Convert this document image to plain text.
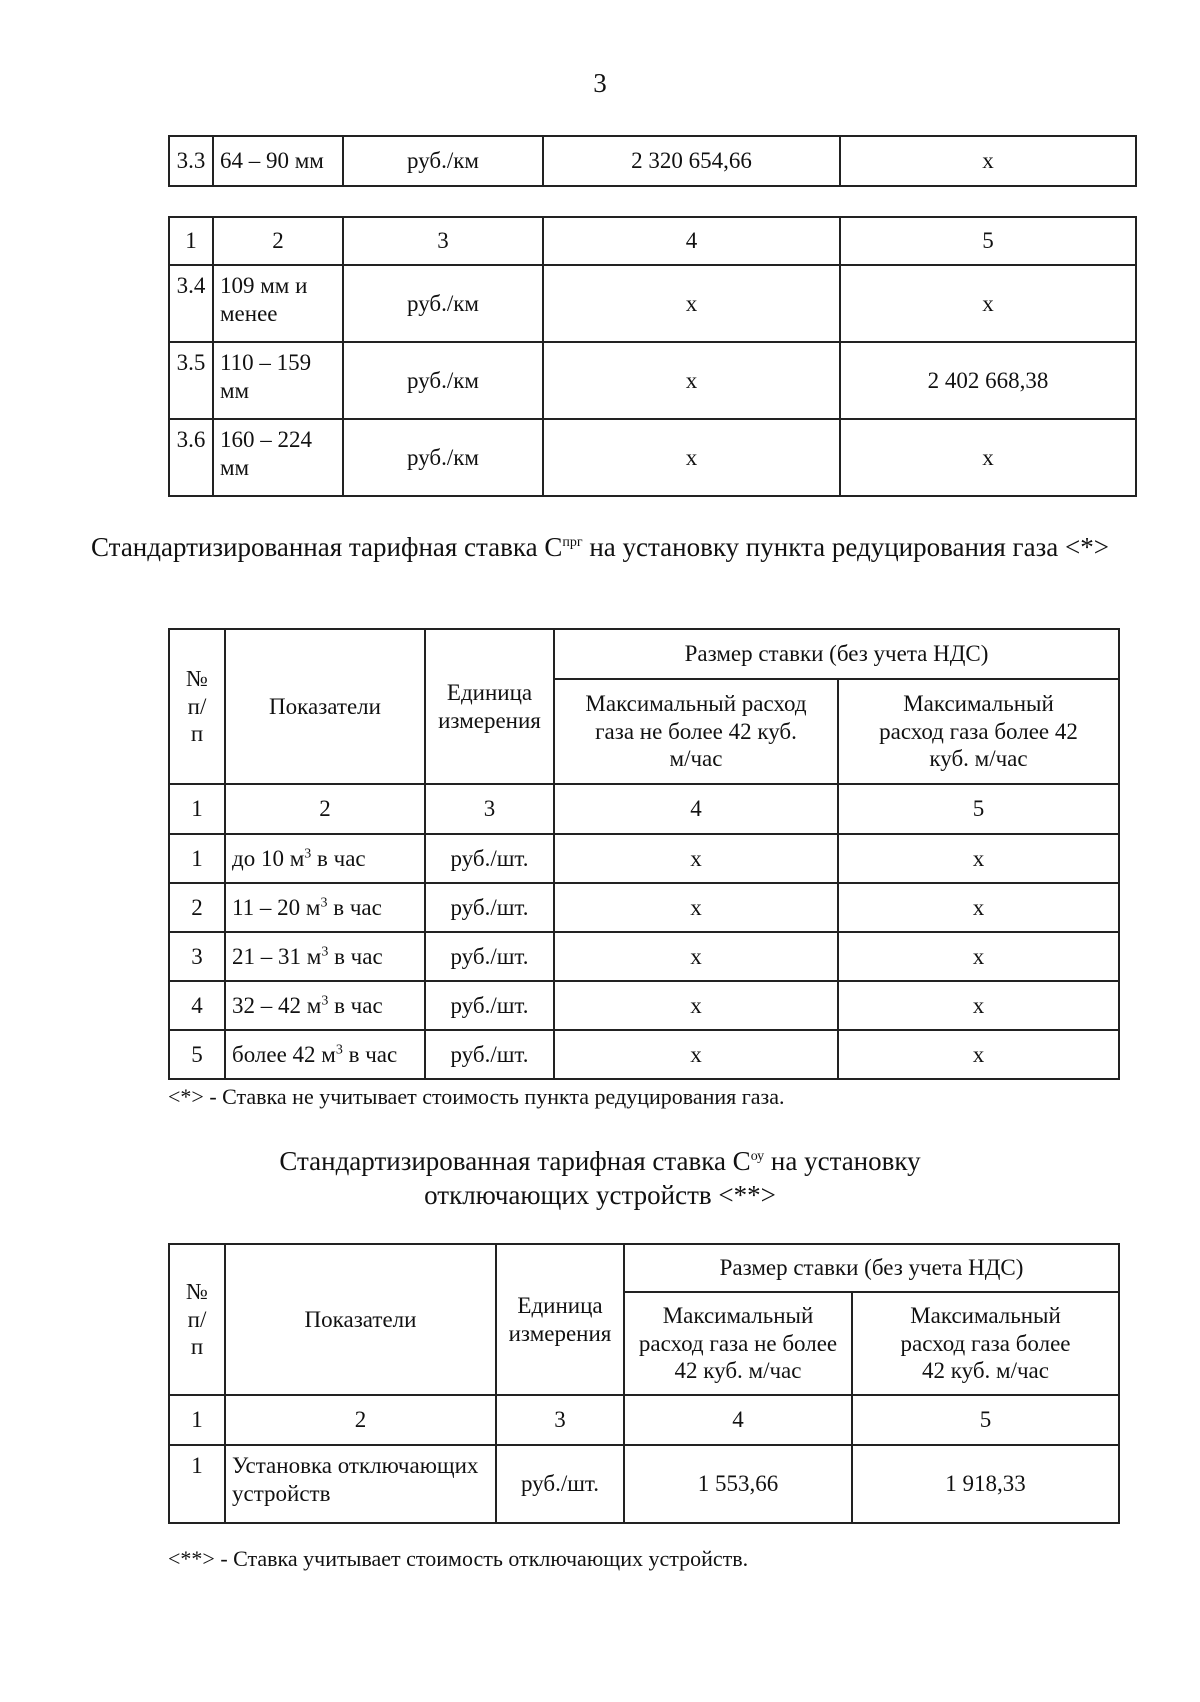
3
3.3	64 – 90 мм	руб./км	2 320 654,66	x
1	2	3	4	5
3.4	109 мм и менее	руб./км	x	x
3.5	110 – 159 мм	руб./км	x	2 402 668,38
3.6	160 – 224 мм	руб./км	x	x
Стандартизированная тарифная ставка $С^{прг}$ на установку пункта редуцирования газа <*>
№ п/п	Показатели	Единица измерения	Размер ставки (без учета НДС)	
			Максимальный расход газа не более 42 куб. м/час	Максимальный расход газа более 42 куб. м/час
1	2	3	4	5
1	до 10 $м^3$ в час	руб./шт.	x	x
2	11 – 20 $м^3$ в час	руб./шт.	x	x
3	21 – 31 $м^3$ в час	руб./шт.	x	x
4	32 – 42 $м^3$ в час	руб./шт.	x	x
5	более 42 $м^3$ в час	руб./шт.	x	x
<*> - Ставка не учитывает стоимость пункта редуцирования газа.
Стандартизированная тарифная ставка $С^{оу}$ на установку
отключающих устройств <**>
№ п/п	Показатели	Единица измерения	Размер ставки (без учета НДС)	
			Максимальный расход газа не более 42 куб. м/час	Максимальный расход газа более 42 куб. м/час
1	2	3	4	5
1	Установка отключающих устройств	руб./шт.	1 553,66	1 918,33
<**> - Ставка учитывает стоимость отключающих устройств.
